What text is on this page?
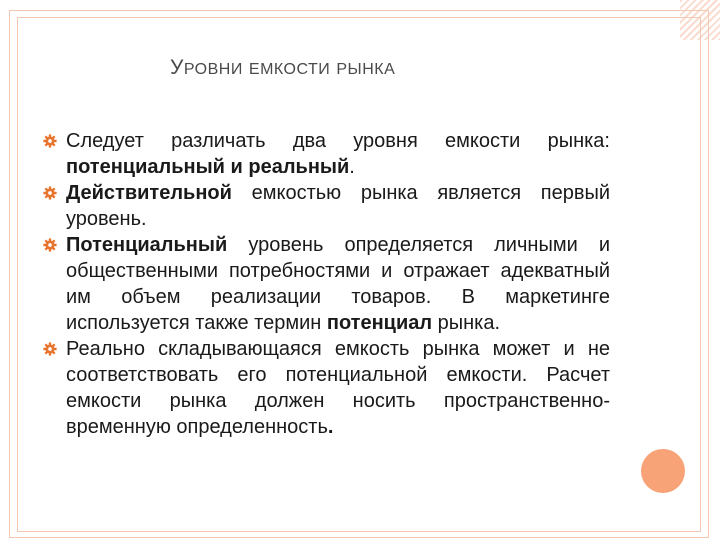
УРОВНИ ЕМКОСТИ РЫНКА
Следует различать два уровня емкости рынка: потенциальный и реальный.
Действительной емкостью рынка является первый уровень.
Потенциальный уровень определяется личными и общественными потребностями и отражает адекватный им объем реализации товаров. В маркетинге используется также термин потенциал рынка.
Реально складывающаяся емкость рынка может и не соответствовать его потенциальной емкости. Расчет емкости рынка должен носить пространственно-временную определенность.
